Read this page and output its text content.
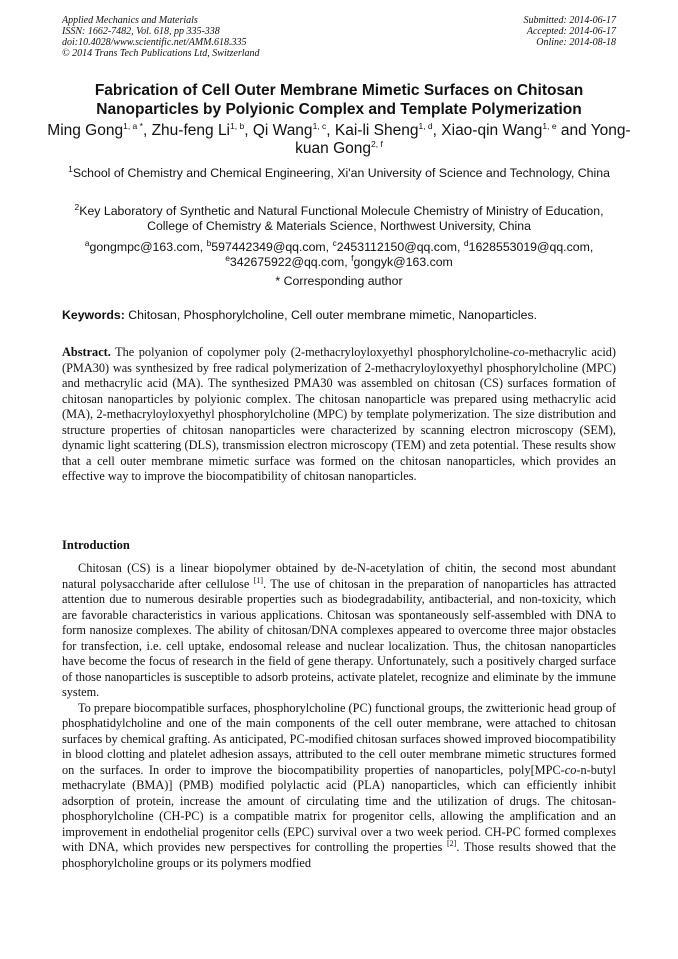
Applied Mechanics and Materials
ISSN: 1662-7482, Vol. 618, pp 335-338
doi:10.4028/www.scientific.net/AMM.618.335
© 2014 Trans Tech Publications Ltd, Switzerland
Submitted: 2014-06-17
Accepted: 2014-06-17
Online: 2014-08-18
Fabrication of Cell Outer Membrane Mimetic Surfaces on Chitosan
Nanoparticles by Polyionic Complex and Template Polymerization
Ming Gong$^{1, a *}$, Zhu-feng Li$^{1, b}$, Qi Wang$^{1, c}$, Kai-li Sheng$^{1, d}$, Xiao-qin Wang$^{1, e}$ and Yong-kuan Gong$^{2, f}$
$^1$School of Chemistry and Chemical Engineering, Xi'an University of Science and Technology, China
$^2$Key Laboratory of Synthetic and Natural Functional Molecule Chemistry of Ministry of Education, College of Chemistry & Materials Science, Northwest University, China
$^a$gongmpc@163.com, $^b$597442349@qq.com, $^c$2453112150@qq.com, $^d$1628553019@qq.com,
$^e$342675922@qq.com, $^f$gongyk@163.com
* Corresponding author
Keywords: Chitosan, Phosphorylcholine, Cell outer membrane mimetic, Nanoparticles.
Abstract. The polyanion of copolymer poly (2-methacryloyloxyethyl phosphorylcholine-co-methacrylic acid) (PMA30) was synthesized by free radical polymerization of 2-methacryloyloxyethyl phosphorylcholine (MPC) and methacrylic acid (MA). The synthesized PMA30 was assembled on chitosan (CS) surfaces formation of chitosan nanoparticles by polyionic complex. The chitosan nanoparticle was prepared using methacrylic acid (MA), 2-methacryloyloxyethyl phosphorylcholine (MPC) by template polymerization. The size distribution and structure properties of chitosan nanoparticles were characterized by scanning electron microscopy (SEM), dynamic light scattering (DLS), transmission electron microscopy (TEM) and zeta potential. These results show that a cell outer membrane mimetic surface was formed on the chitosan nanoparticles, which provides an effective way to improve the biocompatibility of chitosan nanoparticles.
Introduction

Chitosan (CS) is a linear biopolymer obtained by de-N-acetylation of chitin, the second most abundant natural polysaccharide after cellulose [1]. The use of chitosan in the preparation of nanoparticles has attracted attention due to numerous desirable properties such as biodegradability, antibacterial, and non-toxicity, which are favorable characteristics in various applications. Chitosan was spontaneously self-assembled with DNA to form nanosize complexes. The ability of chitosan/DNA complexes appeared to overcome three major obstacles for transfection, i.e. cell uptake, endosomal release and nuclear localization. Thus, the chitosan nanoparticles have become the focus of research in the field of gene therapy. Unfortunately, such a positively charged surface of those nanoparticles is susceptible to adsorb proteins, activate platelet, recognize and eliminate by the immune system.

To prepare biocompatible surfaces, phosphorylcholine (PC) functional groups, the zwitterionic head group of phosphatidylcholine and one of the main components of the cell outer membrane, were attached to chitosan surfaces by chemical grafting. As anticipated, PC-modified chitosan surfaces showed improved biocompatibility in blood clotting and platelet adhesion assays, attributed to the cell outer membrane mimetic structures formed on the surfaces. In order to improve the biocompatibility properties of nanoparticles, poly[MPC-co-n-butyl methacrylate (BMA)] (PMB) modified polylactic acid (PLA) nanoparticles, which can efficiently inhibit adsorption of protein, increase the amount of circulating time and the utilization of drugs. The chitosan-phosphorylcholine (CH-PC) is a compatible matrix for progenitor cells, allowing the amplification and an improvement in endothelial progenitor cells (EPC) survival over a two week period. CH-PC formed complexes with DNA, which provides new perspectives for controlling the properties [2]. Those results showed that the phosphorylcholine groups or its polymers modfied
